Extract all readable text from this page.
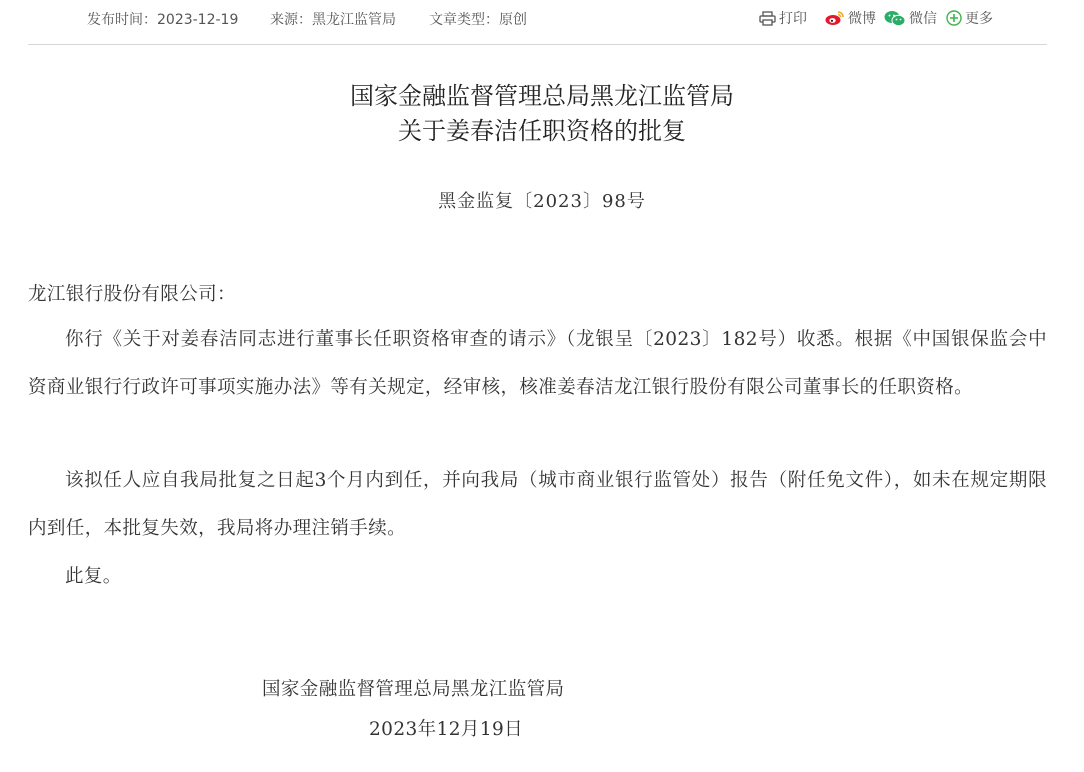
发布时间：2023-12-19 来源：黑龙江监管局 文章类型：原创	打印	微博 微信 更多
国家金融监督管理总局黑龙江监管局
关于姜春洁任职资格的批复
黑金监复〔2023〕98号

龙江银行股份有限公司：

你行《关于对姜春洁同志进行董事长任职资格审查的请示》（龙银呈〔2023〕182号）收悉。根据《中国银保监会中资商业银行行政许可事项实施办法》等有关规定，经审核，核准姜春洁龙江银行股份有限公司董事长的任职资格。

该拟任人应自我局批复之日起3个月内到任，并向我局（城市商业银行监管处）报告（附任免文件），如未在规定期限内到任，本批复失效，我局将办理注销手续。

此复。

国家金融监督管理总局黑龙江监管局
2023年12月19日
